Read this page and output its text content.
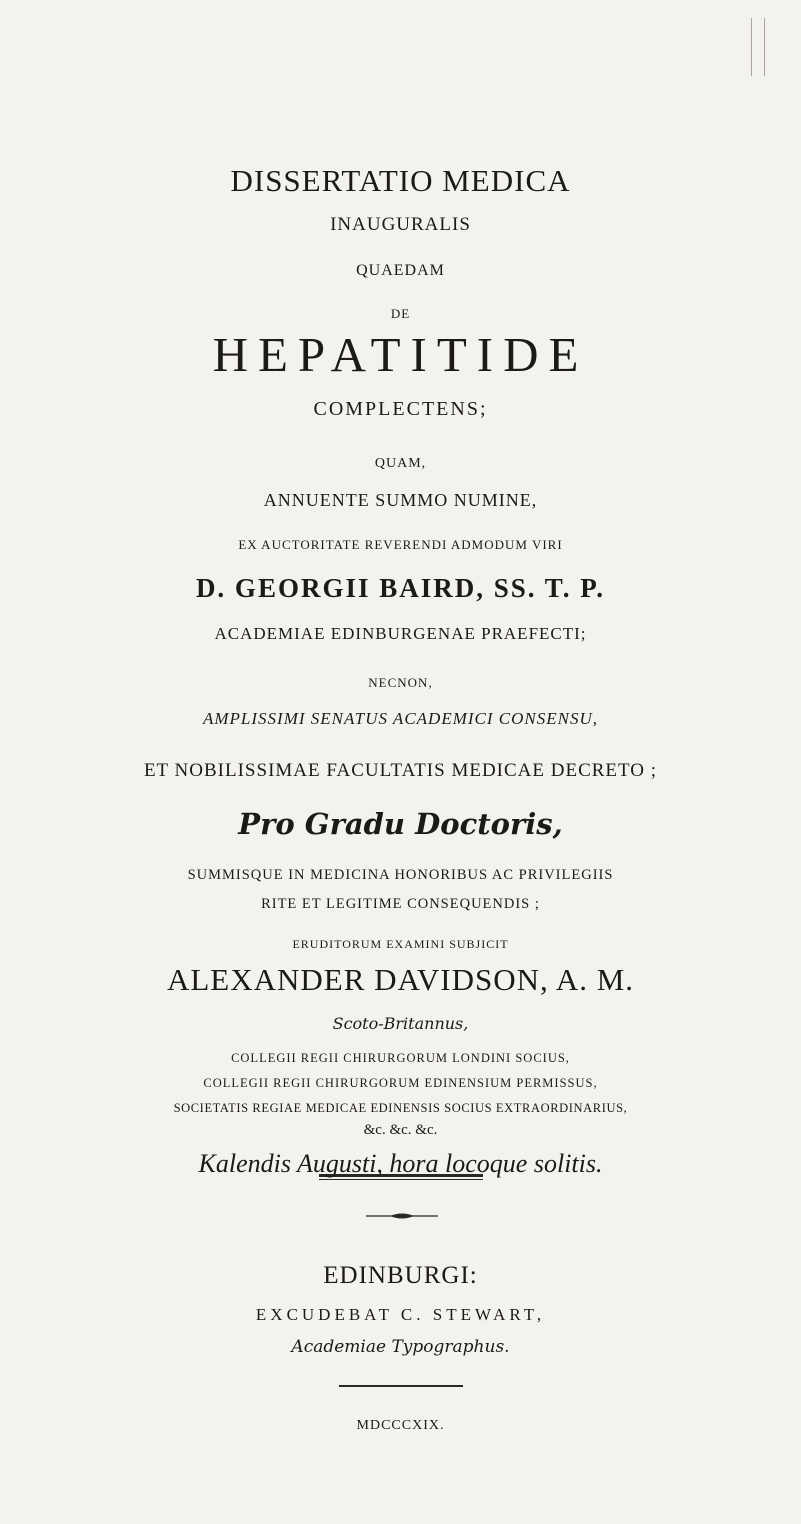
DISSERTATIO MEDICA
INAUGURALIS
QUAEDAM
DE
HEPATITIDE
COMPLECTENS;
QUAM,
ANNUENTE SUMMO NUMINE,
EX AUCTORITATE REVERENDI ADMODUM VIRI
D. GEORGII BAIRD, SS. T. P.
ACADEMIAE EDINBURGENAE PRAEFECTI;
NECNON,
AMPLISSIMI SENATUS ACADEMICI CONSENSU,
ET NOBILISSIMAE FACULTATIS MEDICAE DECRETO ;
Pro Gradu Doctoris,
SUMMISQUE IN MEDICINA HONORIBUS AC PRIVILEGIIS
RITE ET LEGITIME CONSEQUENDIS ;
ERUDITORUM EXAMINI SUBJICIT
ALEXANDER DAVIDSON, A. M.
Scoto-Britannus,
COLLEGII REGII CHIRURGORUM LONDINI SOCIUS,
COLLEGII REGII CHIRURGORUM EDINENSIUM PERMISSUS,
SOCIETATIS REGIAE MEDICAE EDINENSIS SOCIUS EXTRAORDINARIUS,
&c. &c. &c.
Kalendis Augusti, hora locoque solitis.
EDINBURGI:
EXCUDEBAT C. STEWART,
Academiae Typographus.
MDCCCXIX.
